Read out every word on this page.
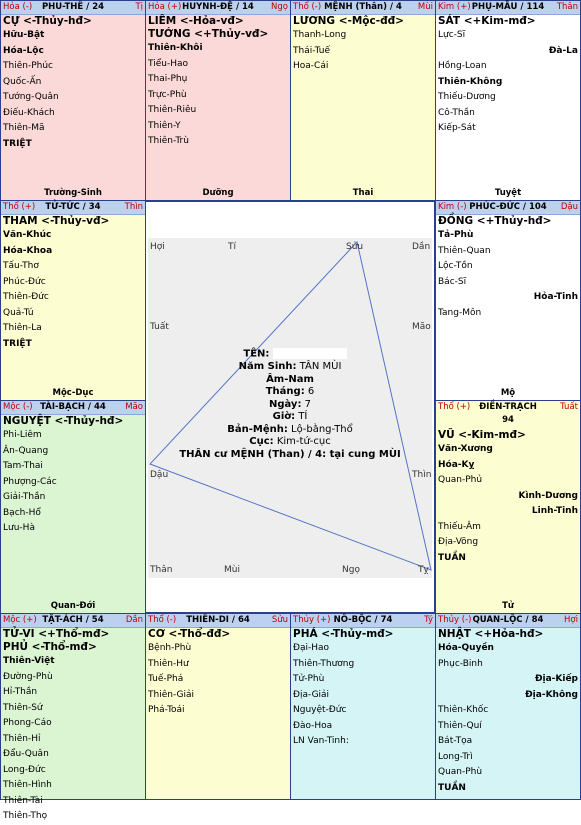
Hỏa (-)	PHU-THÊ / 24	Tị
CỰ <-Thủy-hđ>
Hữu-Bật
Hóa-Lộc
Thiên-Phúc
Quốc-Ấn
Tướng-Quân
Điếu-Khách
Thiên-Mã
TRIỆT
Trường-Sinh
Hỏa (+) HUYNH-ĐỆ / 14	Ngọ
LIÊM <-Hỏa-vđ>
TƯỚNG <+Thủy-vđ>
Thiên-Khôi
Tiểu-Hao
Thai-Phụ
Trực-Phù
Thiên-Riêu
Thiên-Y
Thiên-Trù
Dưỡng
Thổ (-) MỆNH (Thân) / 4	Mùi
LƯƠNG <-Mộc-đđ>
Thanh-Long
Thái-Tuế
Hoa-Cái
Thai
Kim (+) PHỤ-MẪU / 114	Thân
SÁT <+Kim-mđ>
Lực-Sĩ
Đà-La
Hồng-Loan
Thiên-Không
Thiếu-Dương
Cô-Thần
Kiếp-Sát
Tuyệt
Thổ (+)	TỬ-TỨC / 34	Thìn
THAM <-Thủy-vđ>
Văn-Khúc
Hóa-Khoa
Tấu-Thơ
Phúc-Đức
Thiên-Đức
Quả-Tú
Thiên-La
TRIỆT
Mộc-Dục
Kim (-) PHÚC-ĐỨC / 104	Dậu
ĐỒNG <+Thủy-hđ>
Tả-Phù
Thiên-Quan
Lộc-Tồn
Bác-Sĩ
Hỏa-Tinh
Tang-Môn
Mộ
Mộc (-) TÀI-BẠCH / 44	Mão
NGUYỆT <-Thủy-hđ>
Phi-Liêm
Ân-Quang
Tam-Thai
Phượng-Các
Giải-Thần
Bạch-Hổ
Lưu-Hà
Quan-Đới
Thổ (+)	ĐIỀN-TRẠCH
94
Tuất
VŨ <-Kim-mđ>
Văn-Xương
Hóa-Kỵ
Quan-Phủ
Kình-Dương
Linh-Tinh
Thiếu-Âm
Địa-Võng
TUẦN
Tử
Mộc (+) TẬT-ÁCH / 54	Dần
TỬ-VI <+Thổ-mđ>
PHỦ <-Thổ-mđ>
Thiên-Việt
Đường-Phù
Hỉ-Thần
Thiên-Sứ
Phong-Cáo
Thiên-Hỉ
Đẩu-Quân
Long-Đức
Thiên-Hình
Thiên-Tài
Thiên-Thọ
Thổ (-)	THIÊN-DI / 64	Sửu
CƠ <-Thổ-đđ>
Bệnh-Phù
Thiên-Hư
Tuế-Phá
Thiên-Giải
Phá-Toái
Thủy (+) NÔ-BỘC / 74	Tý
PHÁ <-Thủy-mđ>
Đại-Hao
Thiên-Thương
Tử-Phù
Địa-Giải
Nguyệt-Đức
Đào-Hoa
LN Van-Tinh:
Thủy (-) QUAN-LỘC / 84	Hợi
NHẬT <+Hỏa-hđ>
Hóa-Quyền
Phục-Binh
Địa-Kiếp
Địa-Không
Thiên-Khốc
Thiên-Quí
Bát-Tọa
Long-Trì
Quan-Phù
TUẦN
Hợi	Tí	Sửu	Dần
Tuất	Mão
Dậu	Thìn
Thân	Mùi	Ngọ	Tỵ
TÊN:
Năm Sinh: TÂN MÙI
Âm-Nam
Tháng: 6
Ngày: 7
Giờ: TÍ
Bản-Mệnh: Lộ-bằng-Thổ
Cục: Kim-tứ-cục
THÂN cư MỆNH (Than) / 4: tại cung MÙI
